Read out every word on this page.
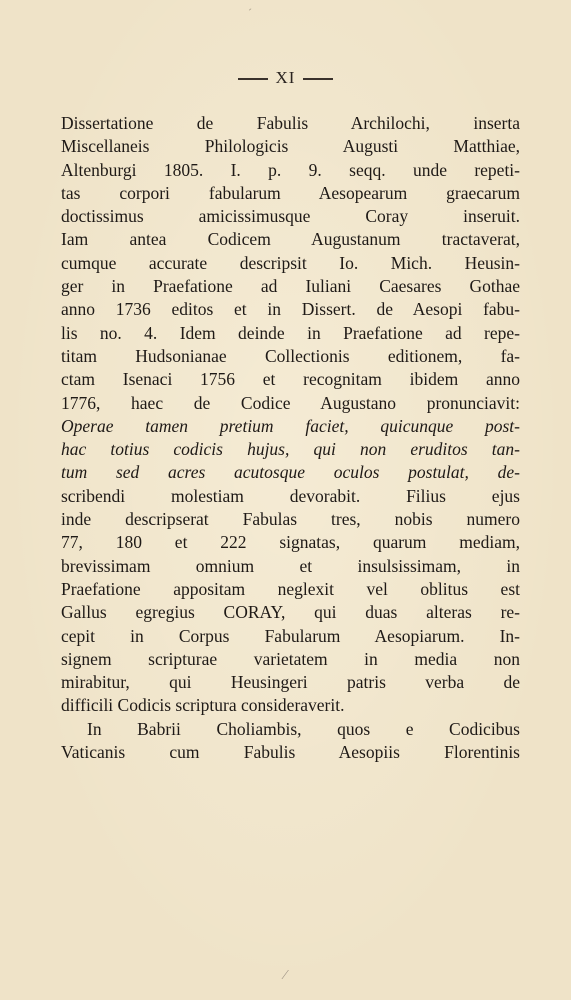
ˊ
XI
Dissertatione de Fabulis Archilochi, inserta
Miscellaneis Philologicis Augusti Matthiae,
Altenburgi 1805. I. p. 9. seqq. unde repeti-
tas corpori fabularum Aesopearum graecarum
doctissimus amicissimusque Coray inseruit.
Iam antea Codicem Augustanum tractaverat,
cumque accurate descripsit Io. Mich. Heusin-
ger in Praefatione ad Iuliani Caesares Gothae
anno 1736 editos et in Dissert. de Aesopi fabu-
lis no. 4. Idem deinde in Praefatione ad repe-
titam Hudsonianae Collectionis editionem, fa-
ctam Isenaci 1756 et recognitam ibidem anno
1776, haec de Codice Augustano pronunciavit:
Operae tamen pretium faciet, quicunque post-
hac totius codicis hujus, qui non eruditos tan-
tum sed acres acutosque oculos postulat, de-
scribendi molestiam devorabit. Filius ejus
inde descripserat Fabulas tres, nobis numero
77, 180 et 222 signatas, quarum mediam,
brevissimam omnium et insulsissimam, in
Praefatione appositam neglexit vel oblitus est
Gallus egregius CORAY, qui duas alteras re-
cepit in Corpus Fabularum Aesopiarum. In-
signem scripturae varietatem in media non
mirabitur, qui Heusingeri patris verba de
difficili Codicis scriptura consideraverit.
In Babrii Choliambis, quos e Codicibus
Vaticanis cum Fabulis Aesopiis Florentinis
⁄
